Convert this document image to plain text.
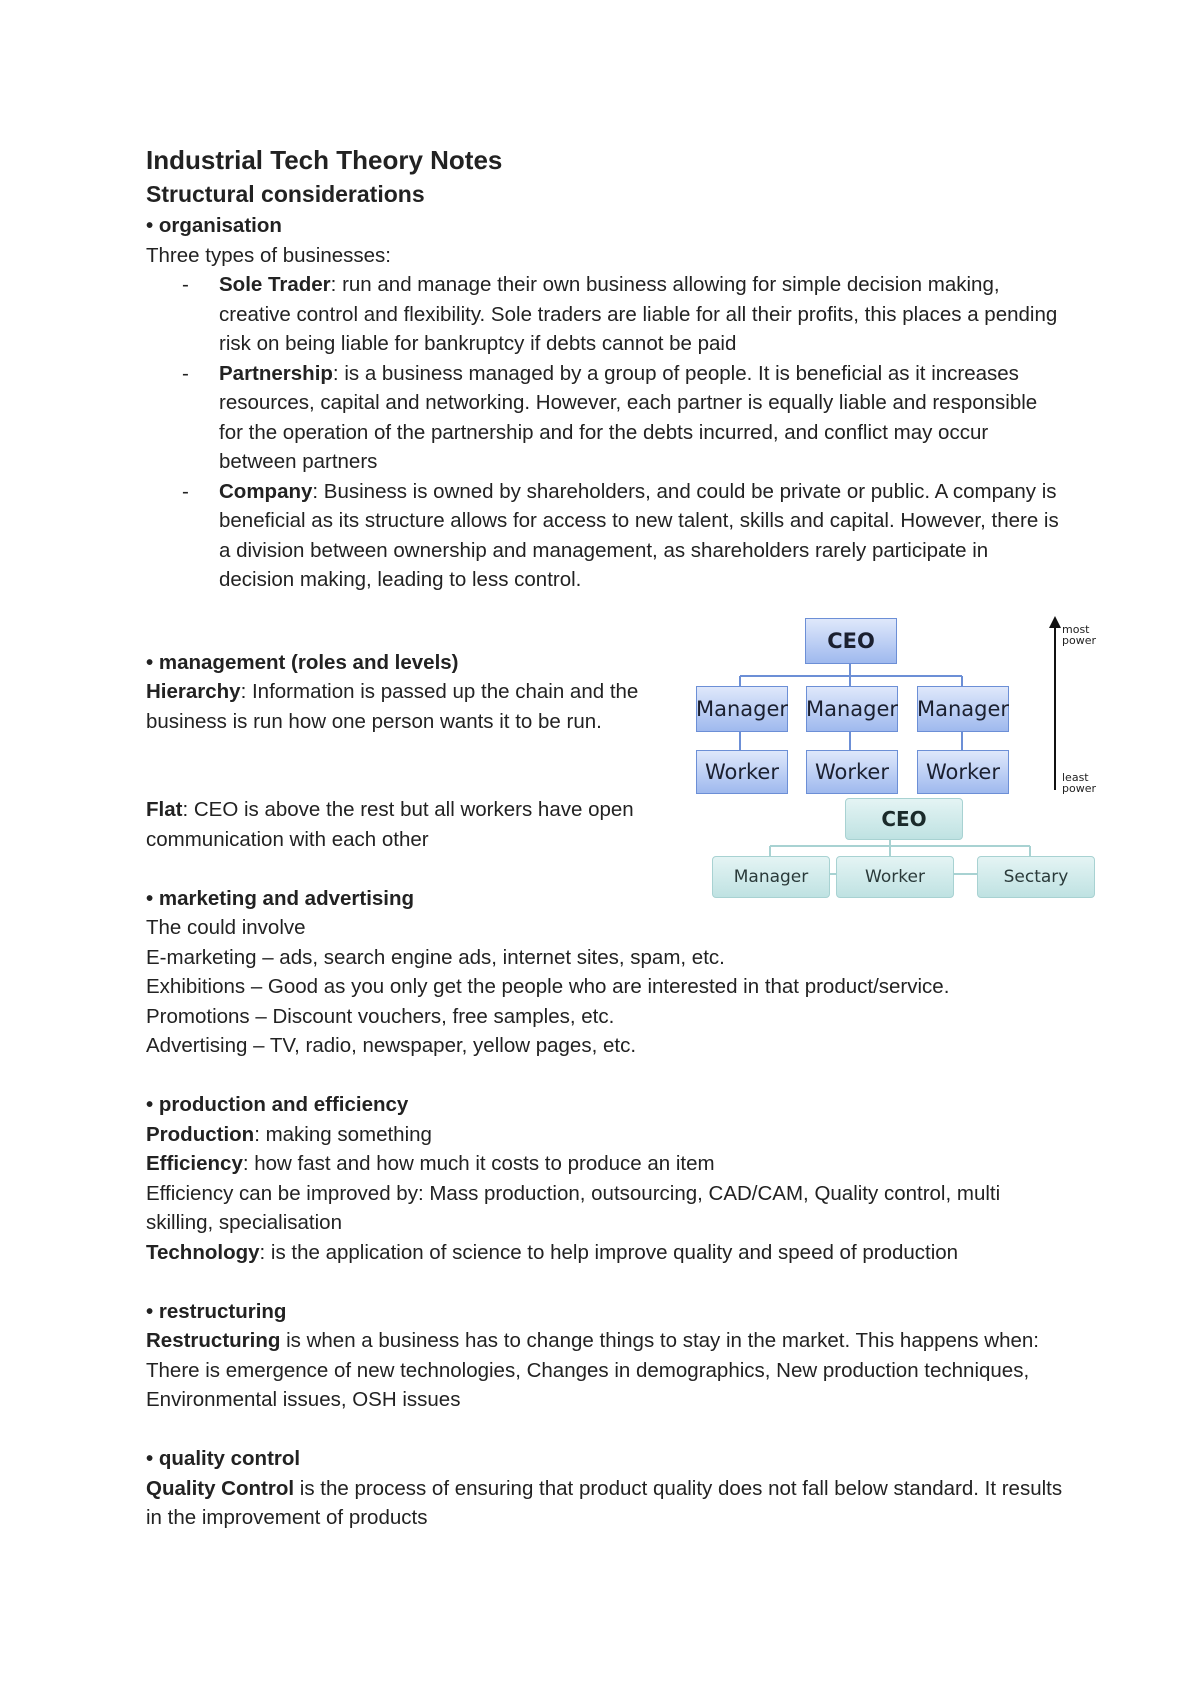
Industrial Tech Theory Notes
Structural considerations

• organisation

Three types of businesses:

- Sole Trader: run and manage their own business allowing for simple decision making, creative control and flexibility. Sole traders are liable for all their profits, this places a pending risk on being liable for bankruptcy if debts cannot be paid
- Partnership: is a business managed by a group of people. It is beneficial as it increases resources, capital and networking. However, each partner is equally liable and responsible for the operation of the partnership and for the debts incurred, and conflict may occur between partners
- Company: Business is owned by shareholders, and could be private or public. A company is beneficial as its structure allows for access to new talent, skills and capital. However, there is a division between ownership and management, as shareholders rarely participate in decision making, leading to less control.

• management (roles and levels)

Hierarchy: Information is passed up the chain and the business is run how one person wants it to be run.

Flat: CEO is above the rest but all workers have open communication with each other

• marketing and advertising

The could involve

E-marketing – ads, search engine ads, internet sites, spam, etc.

Exhibitions – Good as you only get the people who are interested in that product/service.

Promotions – Discount vouchers, free samples, etc.

Advertising – TV, radio, newspaper, yellow pages, etc.

• production and efficiency

Production: making something

Efficiency: how fast and how much it costs to produce an item

Efficiency can be improved by: Mass production, outsourcing, CAD/CAM, Quality control, multi skilling, specialisation

Technology: is the application of science to help improve quality and speed of production

• restructuring

Restructuring is when a business has to change things to stay in the market. This happens when: There is emergence of new technologies, Changes in demographics, New production techniques, Environmental issues, OSH issues

• quality control

Quality Control is the process of ensuring that product quality does not fall below standard. It results in the improvement of products

CEO
Manager Manager Manager
Worker	Worker	Worker
most power
least power
CEO
Manager	Worker	Sectary
